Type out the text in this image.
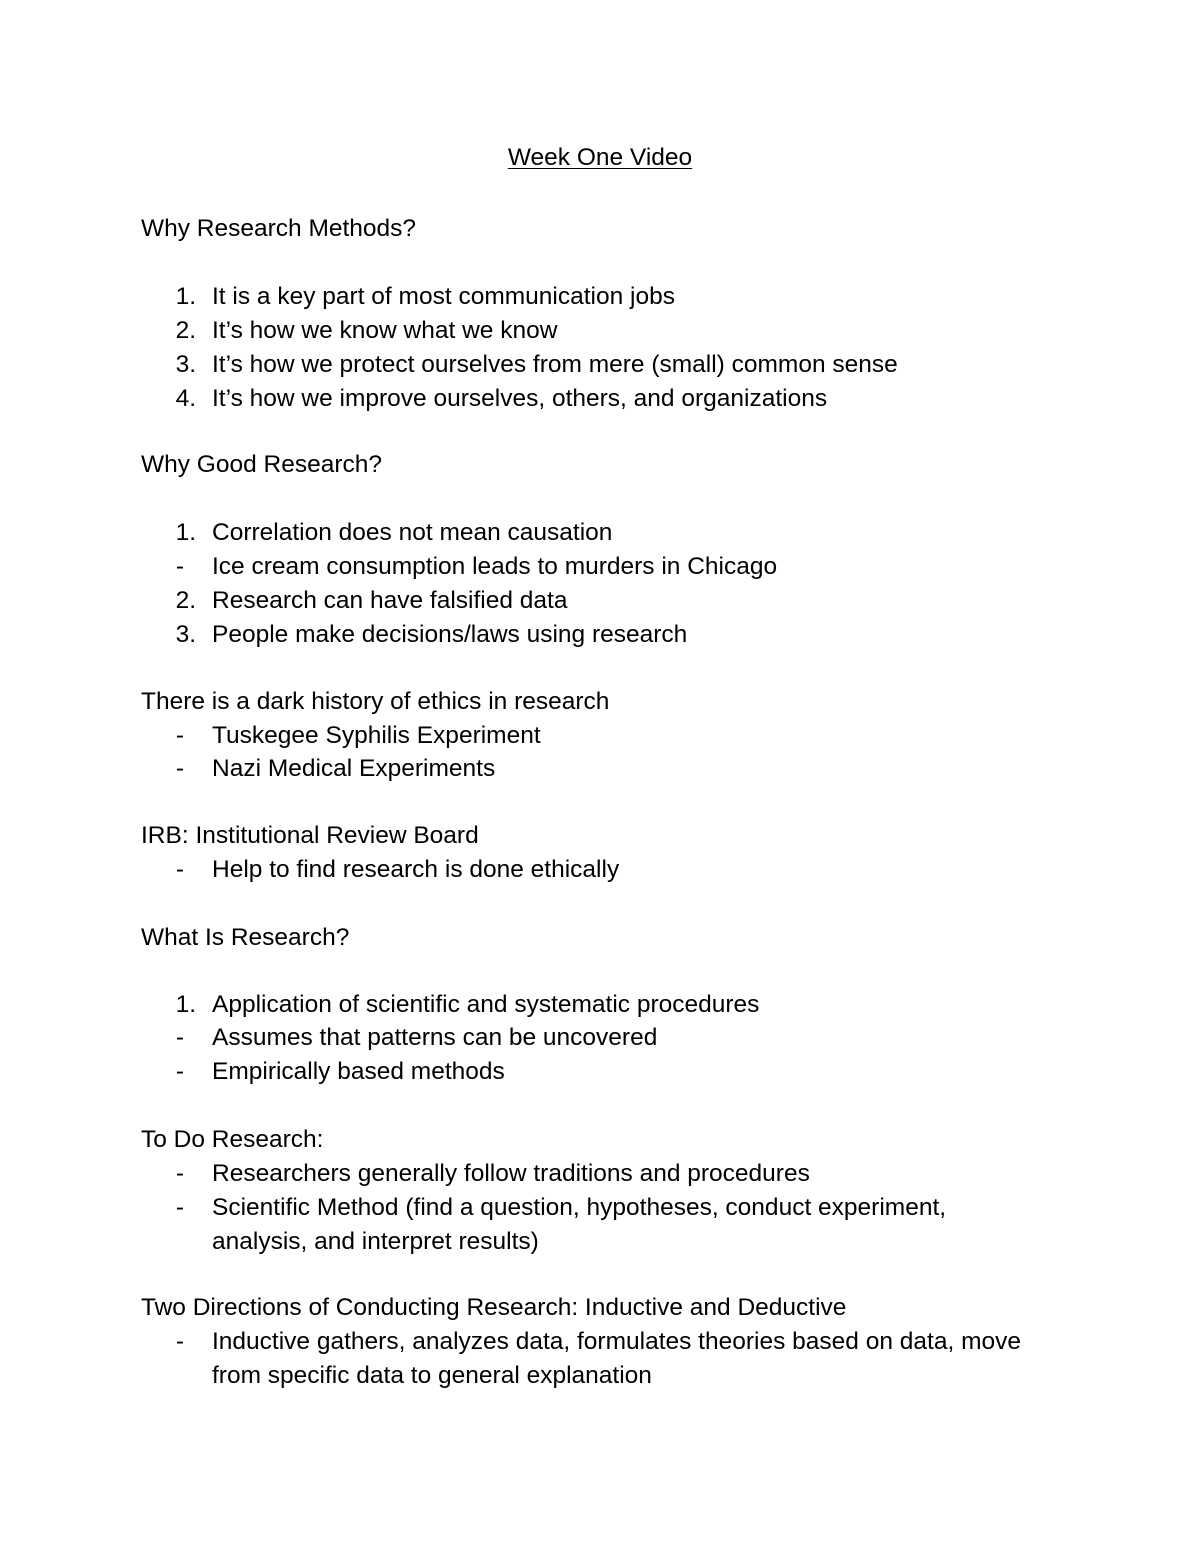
Week One Video
Why Research Methods?
1. It is a key part of most communication jobs
2. It’s how we know what we know
3. It’s how we protect ourselves from mere (small) common sense
4. It’s how we improve ourselves, others, and organizations
Why Good Research?
1. Correlation does not mean causation
- Ice cream consumption leads to murders in Chicago
2. Research can have falsified data
3. People make decisions/laws using research
There is a dark history of ethics in research
- Tuskegee Syphilis Experiment
- Nazi Medical Experiments
IRB: Institutional Review Board
- Help to find research is done ethically
What Is Research?
1. Application of scientific and systematic procedures
- Assumes that patterns can be uncovered
- Empirically based methods
To Do Research:
- Researchers generally follow traditions and procedures
- Scientific Method (find a question, hypotheses, conduct experiment,
analysis, and interpret results)
Two Directions of Conducting Research: Inductive and Deductive
- Inductive gathers, analyzes data, formulates theories based on data, move
from specific data to general explanation
